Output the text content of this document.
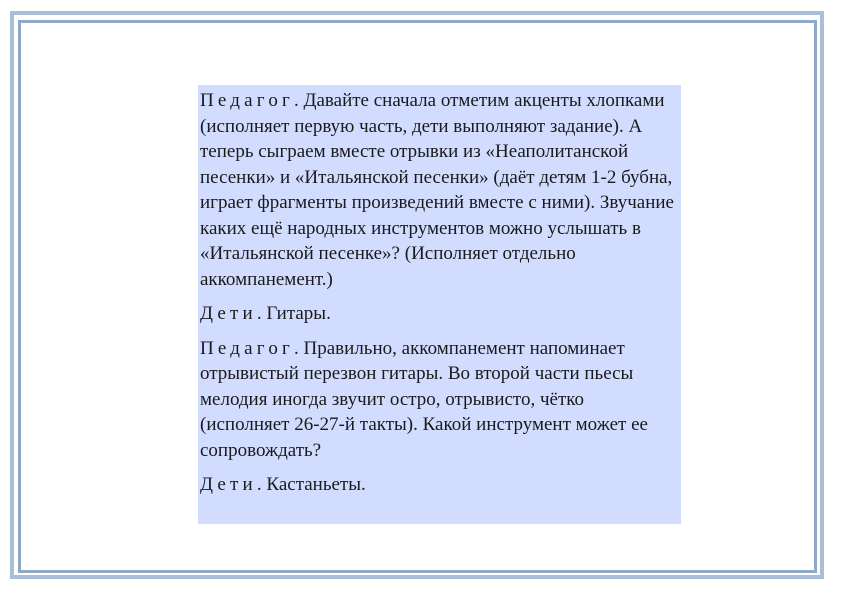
Педагог. Давайте сначала отметим акценты хлопками (исполняет первую часть, дети выполняют задание). А теперь сыграем вместе отрывки из «Неаполитанской песенки» и «Итальянской песенки» (даёт детям 1-2 бубна, играет фрагменты произведений вместе с ними). Звучание каких ещё народных инструментов можно услышать в «Итальянской песенке»? (Исполняет отдельно аккомпанемент.)

Дети. Гитары.

Педагог. Правильно, аккомпанемент напоминает отрывистый перезвон гитары. Во второй части пьесы мелодия иногда звучит остро, отрывисто, чётко (исполняет 26-27-й такты). Какой инструмент может ее сопровождать?

Дети. Кастаньеты.
